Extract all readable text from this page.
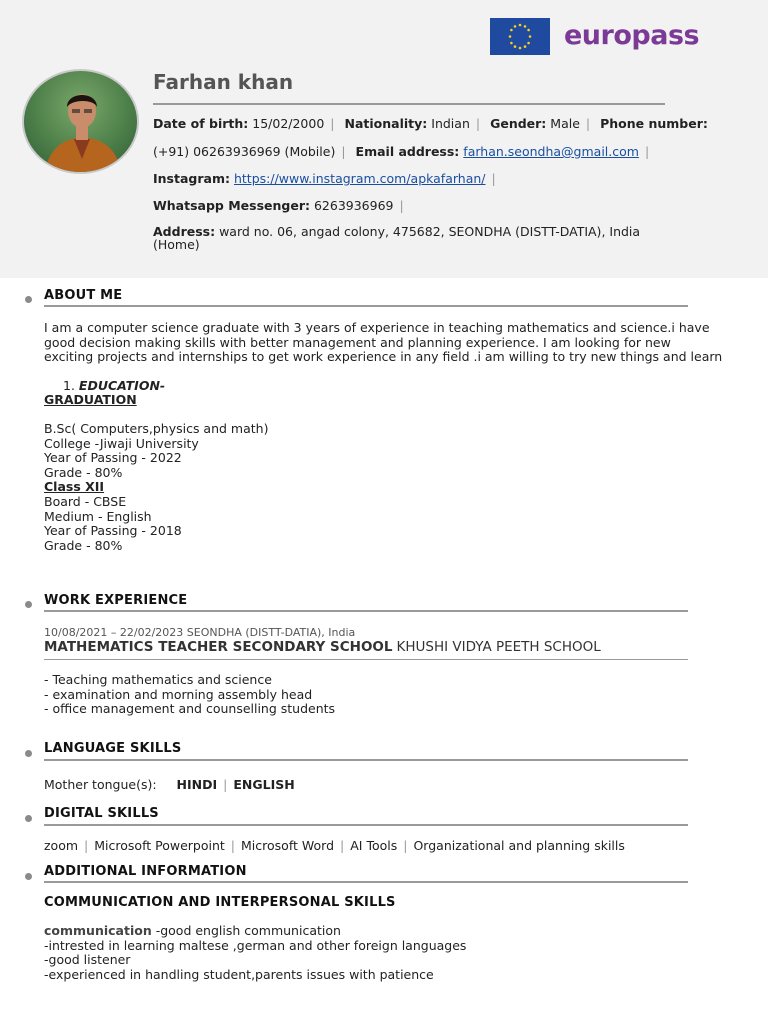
europass
Farhan khan
Date of birth: 15/02/2000 | Nationality: Indian | Gender: Male | Phone number:
(+91) 06263936969 (Mobile) | Email address: farhan.seondha@gmail.com |
Instagram: https://www.instagram.com/apkafarhan/ |
Whatsapp Messenger: 6263936969 |
Address: ward no. 06, angad colony, 475682, SEONDHA (DISTT-DATIA), India
(Home)
ABOUT ME
I am a computer science graduate with 3 years of experience in teaching mathematics and science.i have
good decision making skills with better management and planning experience. I am looking for new
exciting projects and internships to get work experience in any field .i am willing to try new things and learn
1. EDUCATION-
GRADUATION
B.Sc( Computers,physics and math)
College -Jiwaji University
Year of Passing - 2022
Grade - 80%
Class XII
Board - CBSE
Medium - English
Year of Passing - 2018
Grade - 80%
WORK EXPERIENCE
10/08/2021 – 22/02/2023 SEONDHA (DISTT-DATIA), India
MATHEMATICS TEACHER SECONDARY SCHOOL KHUSHI VIDYA PEETH SCHOOL
- Teaching mathematics and science
- examination and morning assembly head
- office management and counselling students
LANGUAGE SKILLS
Mother tongue(s): HINDI | ENGLISH
DIGITAL SKILLS
zoom | Microsoft Powerpoint | Microsoft Word | AI Tools | Organizational and planning skills
ADDITIONAL INFORMATION
COMMUNICATION AND INTERPERSONAL SKILLS
communication -good english communication
-intrested in learning maltese ,german and other foreign languages
-good listener
-experienced in handling student,parents issues with patience
